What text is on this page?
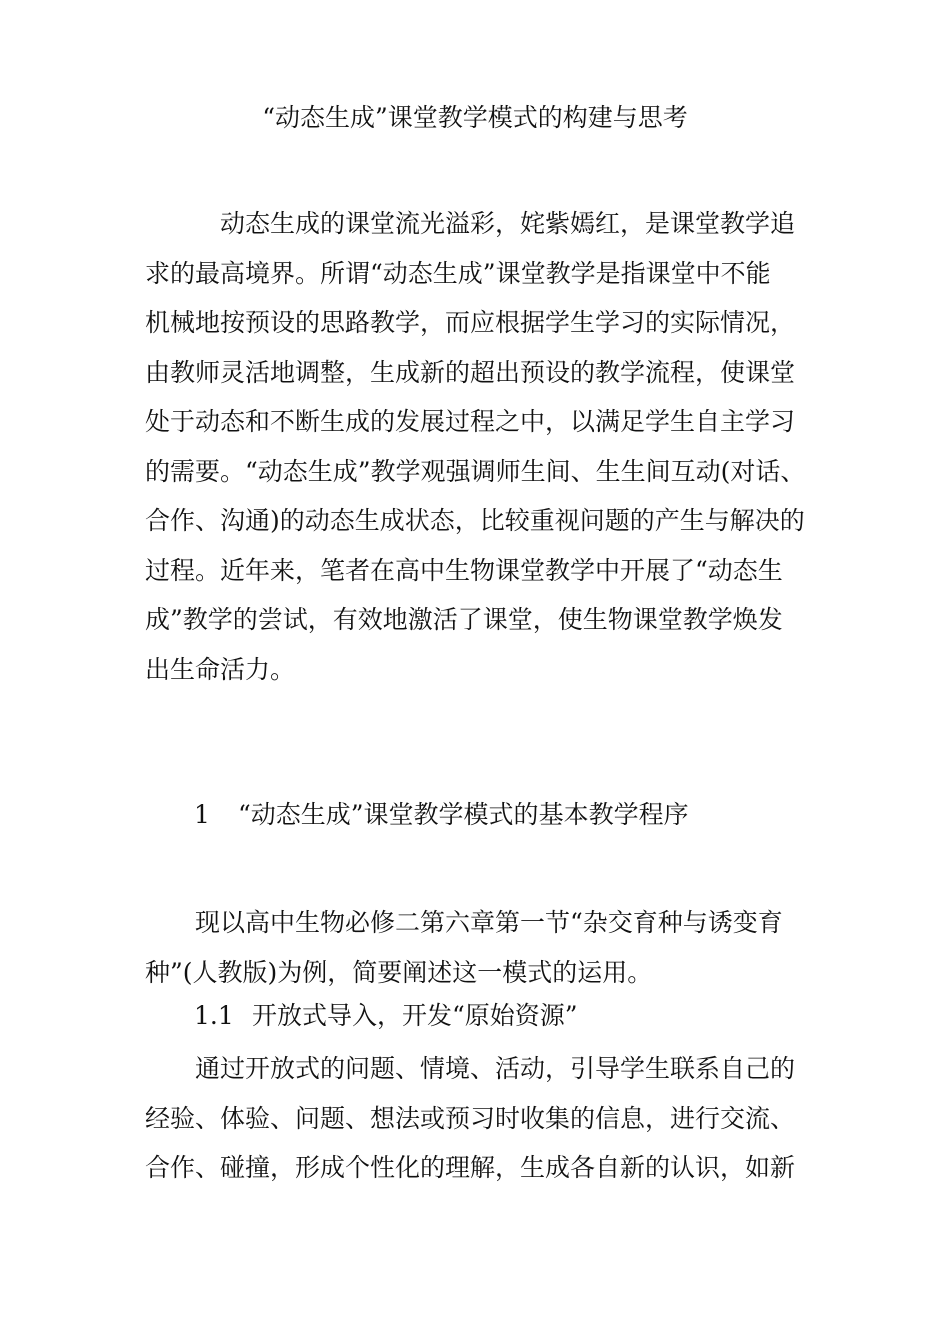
“动态生成”课堂教学模式的构建与思考

动态生成的课堂流光溢彩，姹紫嫣红，是课堂教学追
求的最高境界。所谓“动态生成”课堂教学是指课堂中不能
机械地按预设的思路教学，而应根据学生学习的实际情况，
由教师灵活地调整，生成新的超出预设的教学流程，使课堂
处于动态和不断生成的发展过程之中，以满足学生自主学习
的需要。“动态生成”教学观强调师生间、生生间互动(对话、
合作、沟通)的动态生成状态，比较重视问题的产生与解决的
过程。近年来，笔者在高中生物课堂教学中开展了“动态生
成”教学的尝试，有效地激活了课堂，使生物课堂教学焕发
出生命活力。

1 “动态生成”课堂教学模式的基本教学程序

现以高中生物必修二第六章第一节“杂交育种与诱变育
种”(人教版)为例，简要阐述这一模式的运用。

1.1 开放式导入，开发“原始资源”

通过开放式的问题、情境、活动，引导学生联系自己的
经验、体验、问题、想法或预习时收集的信息，进行交流、
合作、碰撞，形成个性化的理解，生成各自新的认识，如新
